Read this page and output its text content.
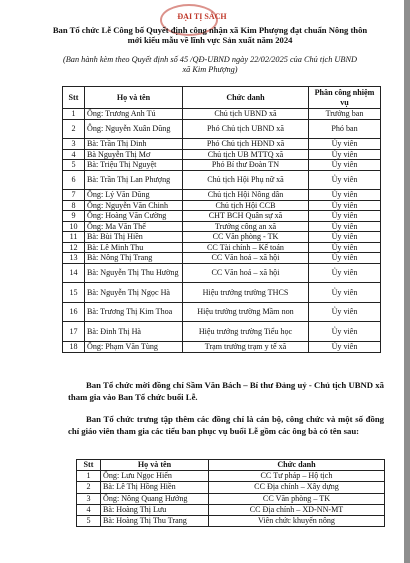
ĐẠI TỊ SÁCH
Ban Tổ chức Lễ Công bố Quyết định công nhận xã Kim Phượng đạt chuẩn Nông thôn mới kiểu mẫu về lĩnh vực Sản xuất năm 2024
(Ban hành kèm theo Quyết định số 45 /QĐ-UBND ngày 22/02/2025 của Chủ tịch UBND xã Kim Phượng)
Stt	Họ và tên	Chức danh	Phân công nhiệm vụ
1	Ông: Trương Anh Tú	Chủ tịch UBND xã	Trưởng ban
2	Ông: Nguyễn Xuân Dũng	Phó Chủ tịch UBND xã	Phó ban
3	Bà: Trần Thị Dinh	Phó Chủ tịch HĐND xã	Ủy viên
4	Bà Nguyễn Thị Mơ	Chủ tịch UB MTTQ xã	Ủy viên
5	Bà: Triệu Thị Nguyệt	Phó Bí thư Đoàn TN	Ủy viên
6	Bà: Trần Thị Lan Phượng	Chủ tịch Hội Phụ nữ xã	Ủy viên
7	Ông: Lý Văn Dũng	Chủ tịch Hội Nông dân	Ủy viên
8	Ông: Nguyễn Văn Chinh	Chủ tịch Hội CCB	Ủy viên
9	Ông: Hoàng Văn Cường	CHT BCH Quân sự xã	Ủy viên
10	Ông: Ma Văn Thế	Trưởng công an xã	Ủy viên
11	Bà: Bùi Thị Hiền	CC Văn phòng - TK	Ủy viên
12	Bà: Lê Minh Thu	CC Tài chính – Kế toán	Ủy viên
13	Bà: Nông Thị Trang	CC Văn hoá – xã hội	Ủy viên
14	Bà: Nguyễn Thị Thu Hường	CC Văn hoá – xã hội	Ủy viên
15	Bà: Nguyễn Thị Ngọc Hà	Hiệu trưởng trường THCS	Ủy viên
16	Bà: Trương Thị Kim Thoa	Hiệu trưởng trường Mầm non	Ủy viên
17	Bà: Đinh Thị Hà	Hiệu trưởng trường Tiểu học	Ủy viên
18	Ông: Phạm Văn Tùng	Trạm trưởng trạm y tế xã	Ủy viên
Ban Tổ chức mời đồng chí Sầm Văn Bách – Bí thư Đảng uỷ - Chủ tịch UBND xã tham gia vào Ban Tổ chức buổi Lễ.
Ban Tổ chức trưng tập thêm các đồng chí là cán bộ, công chức và một số đồng chí giáo viên tham gia các tiểu ban phục vụ buổi Lễ gồm các ông bà có tên sau:
Stt	Họ và tên	Chức danh
1	Ông: Lưu Ngọc Hiến	CC Tư pháp – Hộ tịch
2	Bà: Lê Thị Hồng Hiền	CC Địa chính – Xây dựng
3	Ông: Nông Quang Hưởng	CC Văn phòng – TK
4	Bà: Hoàng Thị Lưu	CC Địa chính – XD-NN-MT
5	Bà: Hoàng Thị Thu Trang	Viên chức khuyến nông
